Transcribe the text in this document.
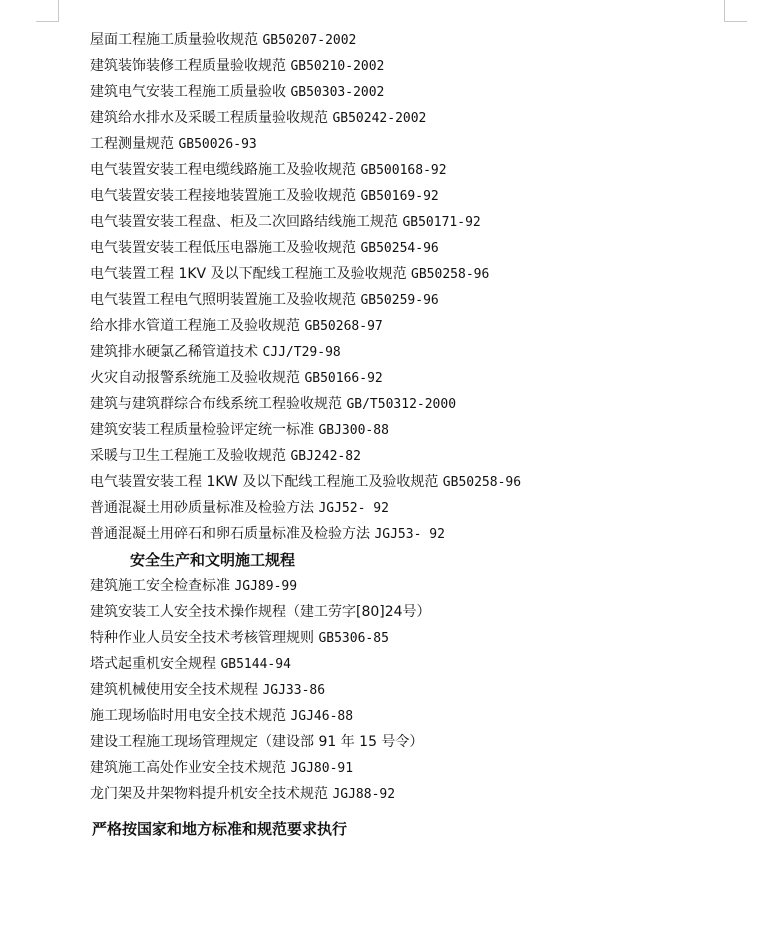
屋面工程施工质量验收规范 GB50207-2002
建筑装饰装修工程质量验收规范 GB50210-2002
建筑电气安装工程施工质量验收 GB50303-2002
建筑给水排水及采暖工程质量验收规范 GB50242-2002
工程测量规范 GB50026-93
电气装置安装工程电缆线路施工及验收规范 GB500168-92
电气装置安装工程接地装置施工及验收规范 GB50169-92
电气装置安装工程盘、柜及二次回路结线施工规范 GB50171-92
电气装置安装工程低压电器施工及验收规范 GB50254-96
电气装置工程 1KV 及以下配线工程施工及验收规范 GB50258-96
电气装置工程电气照明装置施工及验收规范 GB50259-96
给水排水管道工程施工及验收规范 GB50268-97
建筑排水硬氯乙稀管道技术 CJJ/T29-98
火灾自动报警系统施工及验收规范 GB50166-92
建筑与建筑群综合布线系统工程验收规范 GB/T50312-2000
建筑安装工程质量检验评定统一标准 GBJ300-88
采暖与卫生工程施工及验收规范 GBJ242-82
电气装置安装工程 1KW 及以下配线工程施工及验收规范 GB50258-96
普通混凝土用砂质量标准及检验方法 JGJ52- 92
普通混凝土用碎石和卵石质量标准及检验方法 JGJ53- 92
安全生产和文明施工规程
建筑施工安全检查标准 JGJ89-99
建筑安装工人安全技术操作规程（建工劳字[80]24号）
特种作业人员安全技术考核管理规则 GB5306-85
塔式起重机安全规程 GB5144-94
建筑机械使用安全技术规程 JGJ33-86
施工现场临时用电安全技术规范 JGJ46-88
建设工程施工现场管理规定（建设部 91 年 15 号令）
建筑施工高处作业安全技术规范 JGJ80-91
龙门架及井架物料提升机安全技术规范 JGJ88-92
严格按国家和地方标准和规范要求执行
